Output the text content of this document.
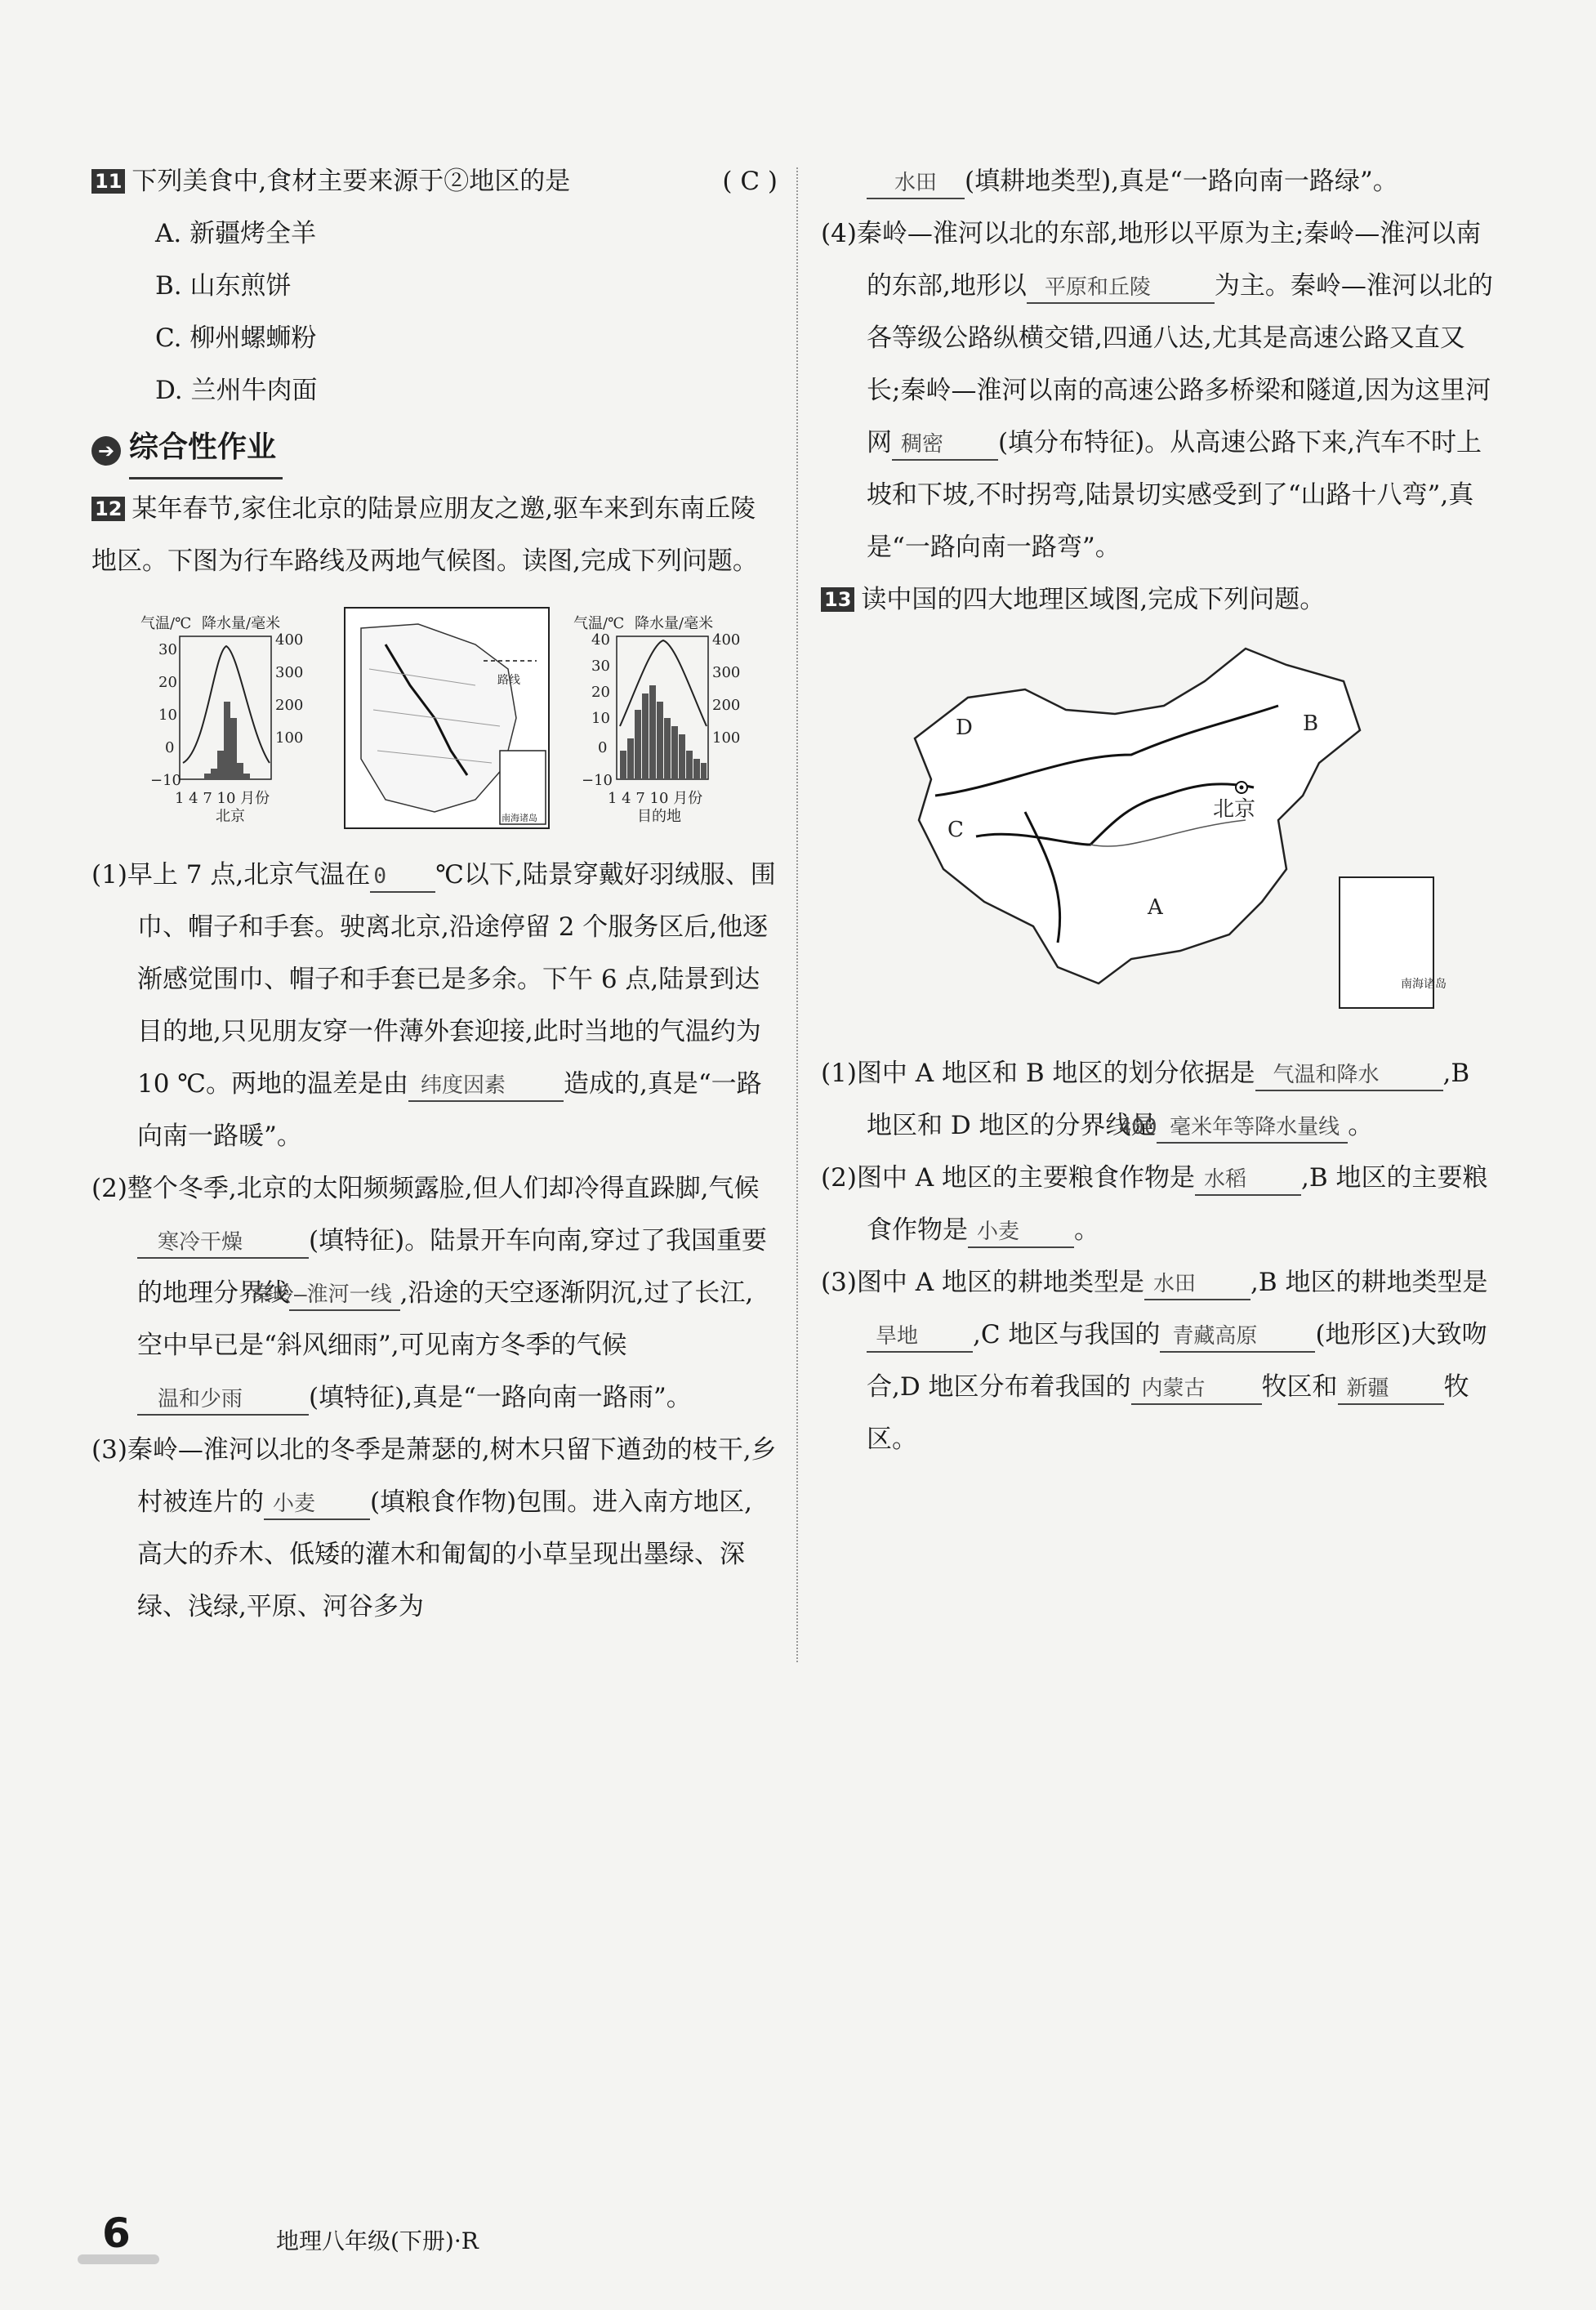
11 下列美食中,食材主要来源于②地区的是	( C )
A. 新疆烤全羊
B. 山东煎饼
C. 柳州螺蛳粉
D. 兰州牛肉面
➔ 综合性作业
12 某年春节,家住北京的陆景应朋友之邀,驱车来到东南丘陵地区。下图为行车路线及两地气候图。读图,完成下列问题。
气温/℃ 降水量/毫米
30
20
10
0
−10
400
300
200
100
1 4 7 10 月份
北京
路线
南海诸岛
气温/℃ 降水量/毫米
40
30
20
10
0
−10
400
300
200
100
1 4 7 10 月份
目的地
(1)早上 7 点,北京气温在 0 ℃以下,陆景穿戴好羽绒服、围巾、帽子和手套。驶离北京,沿途停留 2 个服务区后,他逐渐感觉围巾、帽子和手套已是多余。下午 6 点,陆景到达目的地,只见朋友穿一件薄外套迎接,此时当地的气温约为10 ℃。两地的温差是由 纬度因素 造成的,真是“一路向南一路暖”。
(2)整个冬季,北京的太阳频频露脸,但人们却冷得直跺脚,气候寒冷干燥	(填特征)。陆景开车向南,穿过了我国重要的地理分界线秦岭—淮河一线 ,沿途的天空逐渐阴沉,过了长江,空中早已是“斜风细雨”,可见南方冬季的气候温和少雨	(填特征),真是“一路向南一路雨”。
(3)秦岭—淮河以北的冬季是萧瑟的,树木只留下遒劲的枝干,乡村被连片的 小麦 (填粮食作物)包围。进入南方地区,高大的乔木、低矮的灌木和匍匐的小草呈现出墨绿、深绿、浅绿,平原、河谷多为
水田 (填耕地类型),真是“一路向南一路绿”。
(4)秦岭—淮河以北的东部,地形以平原为主;秦岭—淮河以南的东部,地形以 平原和丘陵	为主。秦岭—淮河以北的各等级公路纵横交错,四通八达,尤其是高速公路又直又长;秦岭—淮河以南的高速公路多桥梁和隧道,因为这里河网 稠密 (填分布特征)。从高速公路下来,汽车不时上坡和下坡,不时拐弯,陆景切实感受到了“山路十八弯”,真是“一路向南一路弯”。
13 读中国的四大地理区域图,完成下列问题。
A
B
C
D
北京
南海诸岛
(1)图中 A 地区和 B 地区的划分依据是 气温和降水	,B 地区和 D 地区的分界线是400 毫米年等降水量线 。
(2)图中 A 地区的主要粮食作物是 水稻 ,B 地区的主要粮食作物是 小麦 。
(3)图中 A 地区的耕地类型是 水田 ,B 地区的耕地类型是旱地 ,C 地区与我国的 青藏高原 (地形区)大致吻合,D 地区分布着我国的 内蒙古 牧区和 新疆 牧区。
6	地理八年级(下册)·R
